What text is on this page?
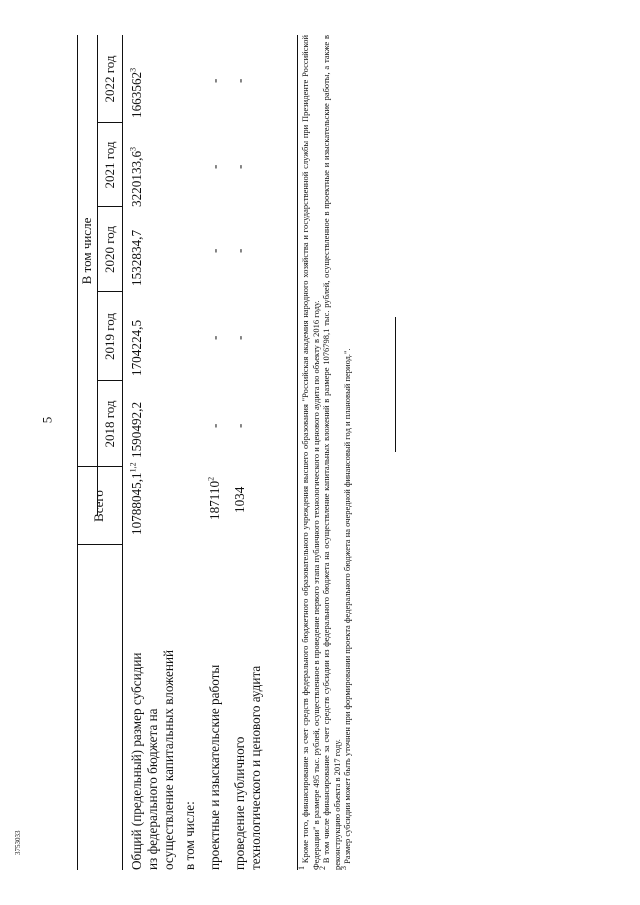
5
3753033
Всего
В том числе
2018 год
2019 год
2020 год
2021 год
2022 год
Общий (предельный) размер субсидии из федерального бюджета на осуществление капитальных вложений
10788045,1$^{1,2}$
1590492,2
1704224,5
1532834,7
3220133,6$^3$
1663562$^3$
в том числе: проектные и изыскательские работы
187110$^2$
-
-
-
-
-
проведение публичного технологического и ценового аудита
1034
-
-
-
-
-

$^1$ Кроме того, финансирование за счет средств федерального бюджетного образовательного учреждения высшего образования "Российская академия народного хозяйства и государственной службы при Президенте Российской Федерации" в размере 495 тыс. рублей, осуществленное в проведение первого этапа публичного технологического и ценового аудита по объекту в 2016 году.

$^2$ В том числе финансирование за счет средств субсидии из федерального бюджета на осуществление капитальных вложений в размере 1076798,1 тыс. рублей, осуществленное в проектные и изыскательские работы, а также в реконструкцию объекта в 2017 году.

$^3$ Размер субсидии может быть уточнен при формировании проекта федерального бюджета на очередной финансовый год и плановый период.".
